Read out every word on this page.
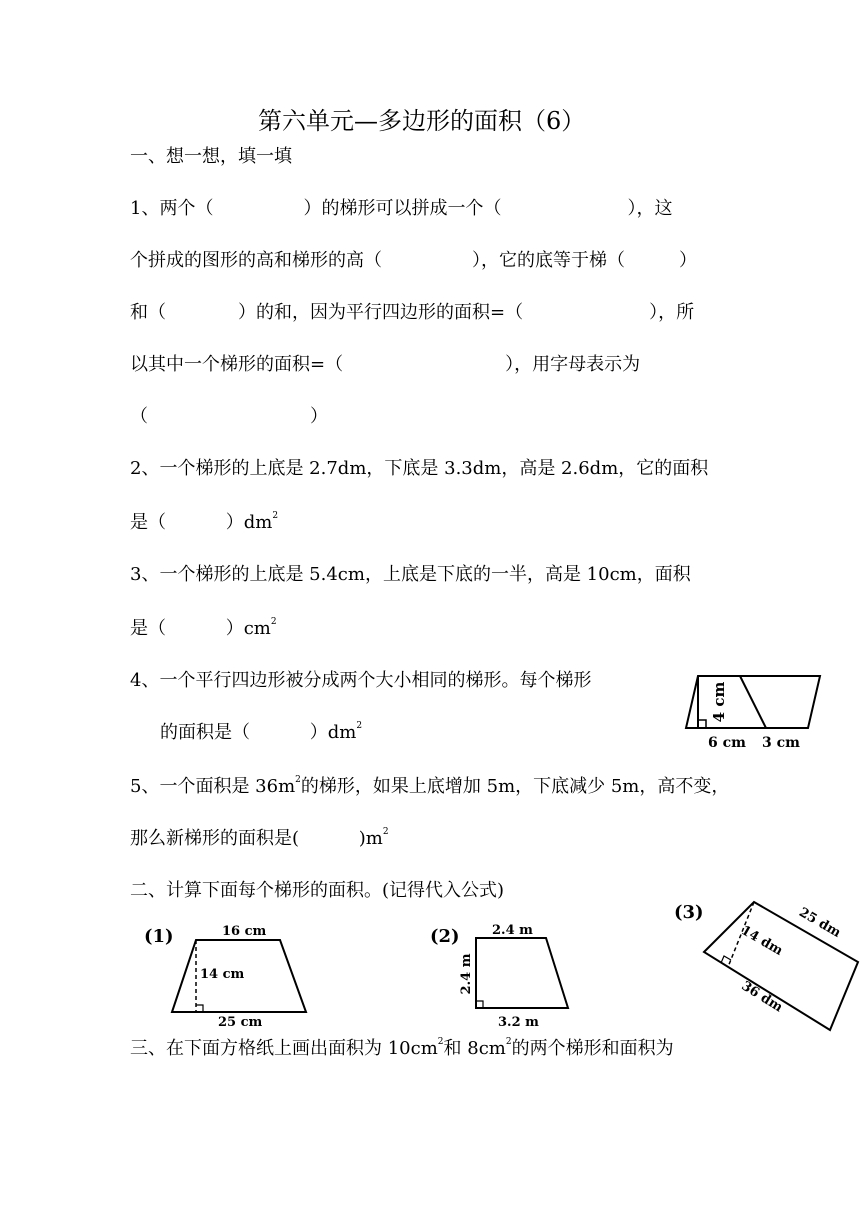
第六单元—多边形的面积（6）
一、想一想，填一填
1、两个（　　　　　）的梯形可以拼成一个（　　　　　　　），这
个拼成的图形的高和梯形的高（　　　　　），它的底等于梯（　　　）
和（　　　　）的和，因为平行四边形的面积=（　　　　　　　），所
以其中一个梯形的面积=（　　　　　　　　　），用字母表示为
（　　　　　　　　　）
2、一个梯形的上底是 2.7dm，下底是 3.3dm，高是 2.6dm，它的面积
是（　　　 ）$dm^2$
3、一个梯形的上底是 5.4cm，上底是下底的一半，高是 10cm，面积
是（　　　 ）$cm^2$
4、一个平行四边形被分成两个大小相同的梯形。每个梯形
的面积是（　　　 ）$dm^2$
4 cm
6 cm 3 cm
5、一个面积是 $36m^2$的梯形，如果上底增加 5m，下底减少 5m，高不变，
那么新梯形的面积是(　　　 )$m^2$
二、计算下面每个梯形的面积。(记得代入公式)
(1)	16 cm
14 cm
25 cm
(2) 2.4 m
2.4 m
3.2 m
(3)	25 dm
14 dm
36 dm
三、在下面方格纸上画出面积为 $10cm^2$和 $8cm^2$的两个梯形和面积为
